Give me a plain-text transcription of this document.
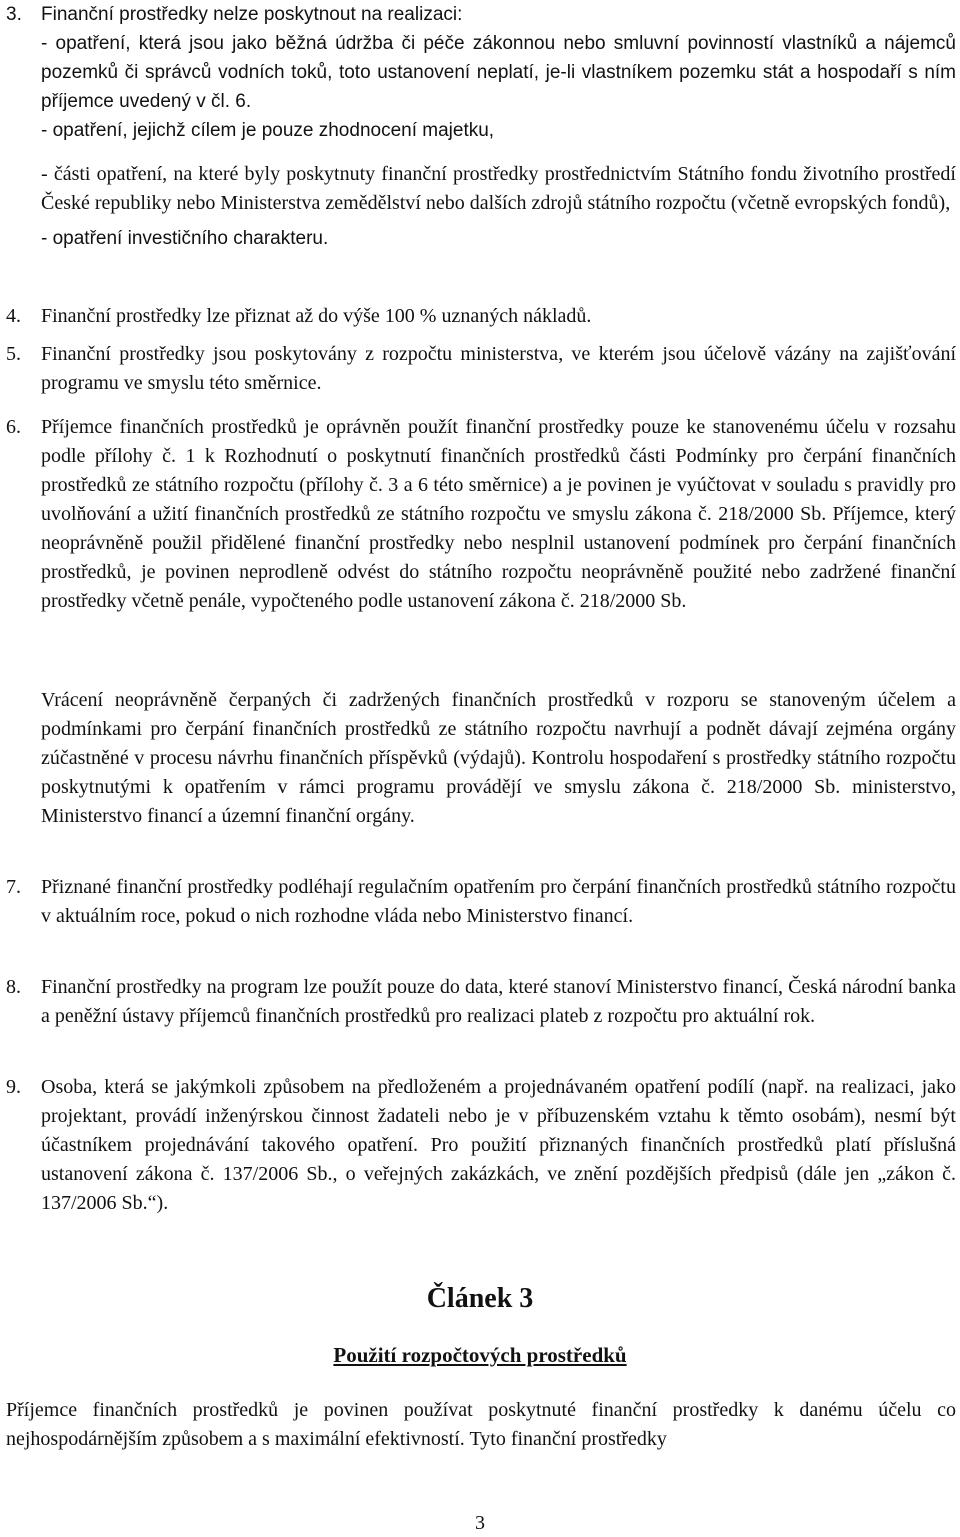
3. Finanční prostředky nelze poskytnout na realizaci:
- opatření, která jsou jako běžná údržba či péče zákonnou nebo smluvní povinností vlastníků a nájemců pozemků či správců vodních toků, toto ustanovení neplatí, je-li vlastníkem pozemku stát a hospodaří s ním příjemce uvedený v čl. 6.
- opatření, jejichž cílem je pouze zhodnocení majetku,
- části opatření, na které byly poskytnuty finanční prostředky prostřednictvím Státního fondu životního prostředí České republiky nebo Ministerstva zemědělství nebo dalších zdrojů státního rozpočtu (včetně evropských fondů),
- opatření investičního charakteru.
4. Finanční prostředky lze přiznat až do výše 100 % uznaných nákladů.
5. Finanční prostředky jsou poskytovány z rozpočtu ministerstva, ve kterém jsou účelově vázány na zajišťování programu ve smyslu této směrnice.
6. Příjemce finančních prostředků je oprávněn použít finanční prostředky pouze ke stanovenému účelu v rozsahu podle přílohy č. 1 k Rozhodnutí o poskytnutí finančních prostředků části Podmínky pro čerpání finančních prostředků ze státního rozpočtu (přílohy č. 3 a 6 této směrnice) a je povinen je vyúčtovat v souladu s pravidly pro uvolňování a užití finančních prostředků ze státního rozpočtu ve smyslu zákona č. 218/2000 Sb. Příjemce, který neoprávněně použil přidělené finanční prostředky nebo nesplnil ustanovení podmínek pro čerpání finančních prostředků, je povinen neprodleně odvést do státního rozpočtu neoprávněně použité nebo zadržené finanční prostředky včetně penále, vypočteného podle ustanovení zákona č. 218/2000 Sb.
Vrácení neoprávněně čerpaných či zadržených finančních prostředků v rozporu se stanoveným účelem a podmínkami pro čerpání finančních prostředků ze státního rozpočtu navrhují a podnět dávají zejména orgány zúčastněné v procesu návrhu finančních příspěvků (výdajů). Kontrolu hospodaření s prostředky státního rozpočtu poskytnutými k opatřením v rámci programu provádějí ve smyslu zákona č. 218/2000 Sb. ministerstvo, Ministerstvo financí a územní finanční orgány.
7. Přiznané finanční prostředky podléhají regulačním opatřením pro čerpání finančních prostředků státního rozpočtu v aktuálním roce, pokud o nich rozhodne vláda nebo Ministerstvo financí.
8. Finanční prostředky na program lze použít pouze do data, které stanoví Ministerstvo financí, Česká národní banka a peněžní ústavy příjemců finančních prostředků pro realizaci plateb z rozpočtu pro aktuální rok.
9. Osoba, která se jakýmkoli způsobem na předloženém a projednávaném opatření podílí (např. na realizaci, jako projektant, provádí inženýrskou činnost žadateli nebo je v příbuzenském vztahu k těmto osobám), nesmí být účastníkem projednávání takového opatření. Pro použití přiznaných finančních prostředků platí příslušná ustanovení zákona č. 137/2006 Sb., o veřejných zakázkách, ve znění pozdějších předpisů (dále jen „zákon č. 137/2006 Sb.“).
Článek 3
Použití rozpočtových prostředků
Příjemce finančních prostředků je povinen používat poskytnuté finanční prostředky k danému účelu co nejhospodárnějším způsobem a s maximální efektivností. Tyto finanční prostředky
3
